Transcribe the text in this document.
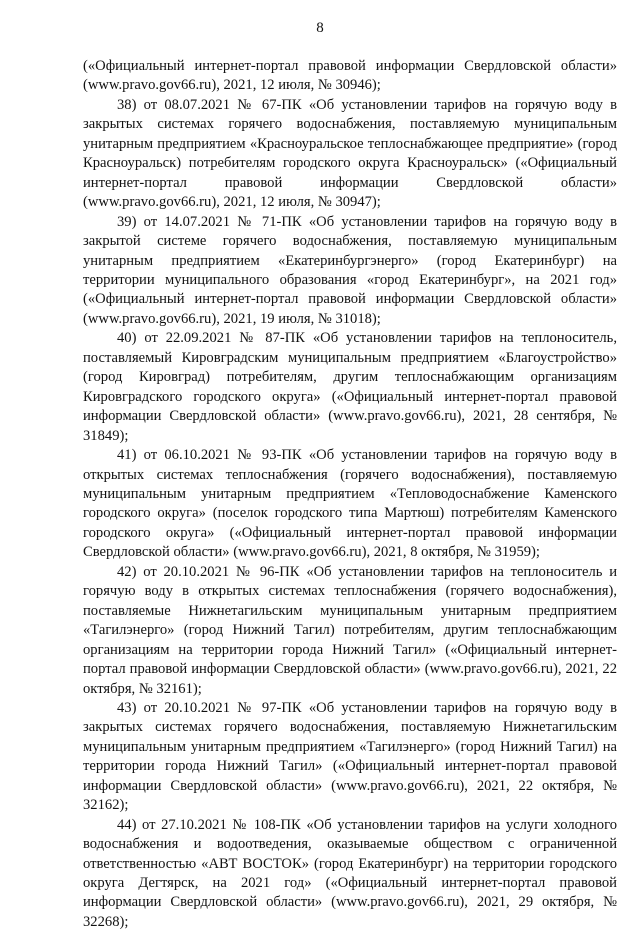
8

(«Официальный интернет-портал правовой информации Свердловской области» (www.pravo.gov66.ru), 2021, 12 июля, № 30946);

38) от 08.07.2021 № 67-ПК «Об установлении тарифов на горячую воду в закрытых системах горячего водоснабжения, поставляемую муниципальным унитарным предприятием «Красноуральское теплоснабжающее предприятие» (город Красноуральск) потребителям городского округа Красноуральск» («Официальный интернет-портал правовой информации Свердловской области» (www.pravo.gov66.ru), 2021, 12 июля, № 30947);

39) от 14.07.2021 № 71-ПК «Об установлении тарифов на горячую воду в закрытой системе горячего водоснабжения, поставляемую муниципальным унитарным предприятием «Екатеринбургэнерго» (город Екатеринбург) на территории муниципального образования «город Екатеринбург», на 2021 год» («Официальный интернет-портал правовой информации Свердловской области» (www.pravo.gov66.ru), 2021, 19 июля, № 31018);

40) от 22.09.2021 № 87-ПК «Об установлении тарифов на теплоноситель, поставляемый Кировградским муниципальным предприятием «Благоустройство» (город Кировград) потребителям, другим теплоснабжающим организациям Кировградского городского округа» («Официальный интернет-портал правовой информации Свердловской области» (www.pravo.gov66.ru), 2021, 28 сентября, № 31849);

41) от 06.10.2021 № 93-ПК «Об установлении тарифов на горячую воду в открытых системах теплоснабжения (горячего водоснабжения), поставляемую муниципальным унитарным предприятием «Тепловодоснабжение Каменского городского округа» (поселок городского типа Мартюш) потребителям Каменского городского округа» («Официальный интернет-портал правовой информации Свердловской области» (www.pravo.gov66.ru), 2021, 8 октября, № 31959);

42) от 20.10.2021 № 96-ПК «Об установлении тарифов на теплоноситель и горячую воду в открытых системах теплоснабжения (горячего водоснабжения), поставляемые Нижнетагильским муниципальным унитарным предприятием «Тагилэнерго» (город Нижний Тагил) потребителям, другим теплоснабжающим организациям на территории города Нижний Тагил» («Официальный интернет-портал правовой информации Свердловской области» (www.pravo.gov66.ru), 2021, 22 октября, № 32161);

43) от 20.10.2021 № 97-ПК «Об установлении тарифов на горячую воду в закрытых системах горячего водоснабжения, поставляемую Нижнетагильским муниципальным унитарным предприятием «Тагилэнерго» (город Нижний Тагил) на территории города Нижний Тагил» («Официальный интернет-портал правовой информации Свердловской области» (www.pravo.gov66.ru), 2021, 22 октября, № 32162);

44) от 27.10.2021 № 108-ПК «Об установлении тарифов на услуги холодного водоснабжения и водоотведения, оказываемые обществом с ограниченной ответственностью «АВТ ВОСТОК» (город Екатеринбург) на территории городского округа Дегтярск, на 2021 год» («Официальный интернет-портал правовой информации Свердловской области» (www.pravo.gov66.ru), 2021, 29 октября, № 32268);
